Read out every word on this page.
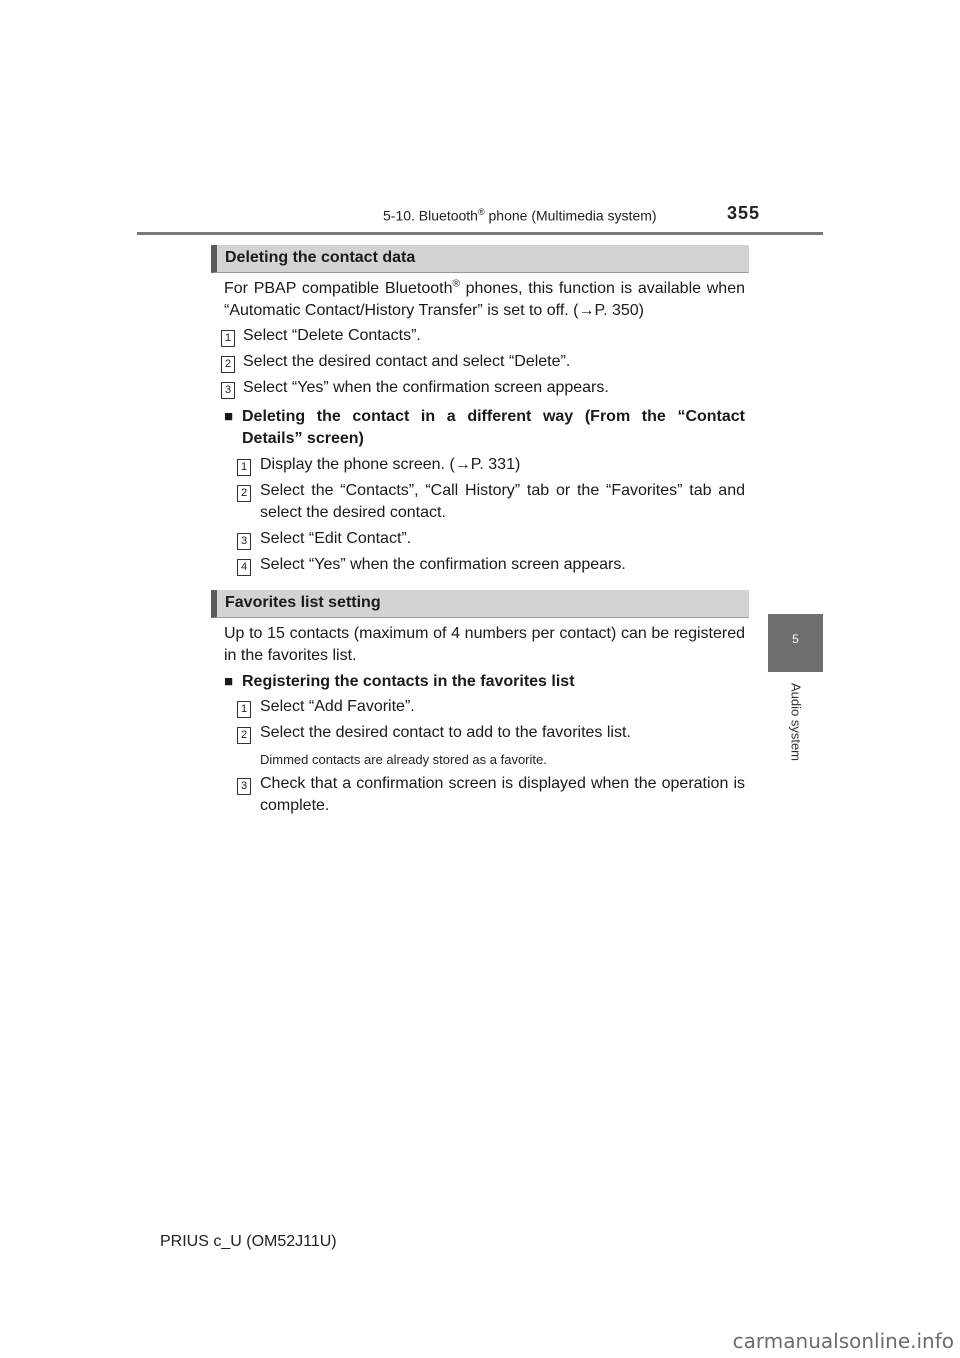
5-10. Bluetooth® phone (Multimedia system)	355
5
Audio system
Deleting the contact data
For PBAP compatible Bluetooth® phones, this function is available when “Automatic Contact/History Transfer” is set to off. (→P. 350)
1 Select “Delete Contacts”.
2 Select the desired contact and select “Delete”.
3 Select “Yes” when the confirmation screen appears.
■ Deleting the contact in a different way (From the “Contact Details” screen)
1 Display the phone screen. (→P. 331)
2 Select the “Contacts”, “Call History” tab or the “Favorites” tab and select the desired contact.
3 Select “Edit Contact”.
4 Select “Yes” when the confirmation screen appears.
Favorites list setting
Up to 15 contacts (maximum of 4 numbers per contact) can be registered in the favorites list.
■ Registering the contacts in the favorites list
1 Select “Add Favorite”.
2 Select the desired contact to add to the favorites list.
Dimmed contacts are already stored as a favorite.
3 Check that a confirmation screen is displayed when the operation is complete.
PRIUS c_U (OM52J11U)
carmanualsonline.info
